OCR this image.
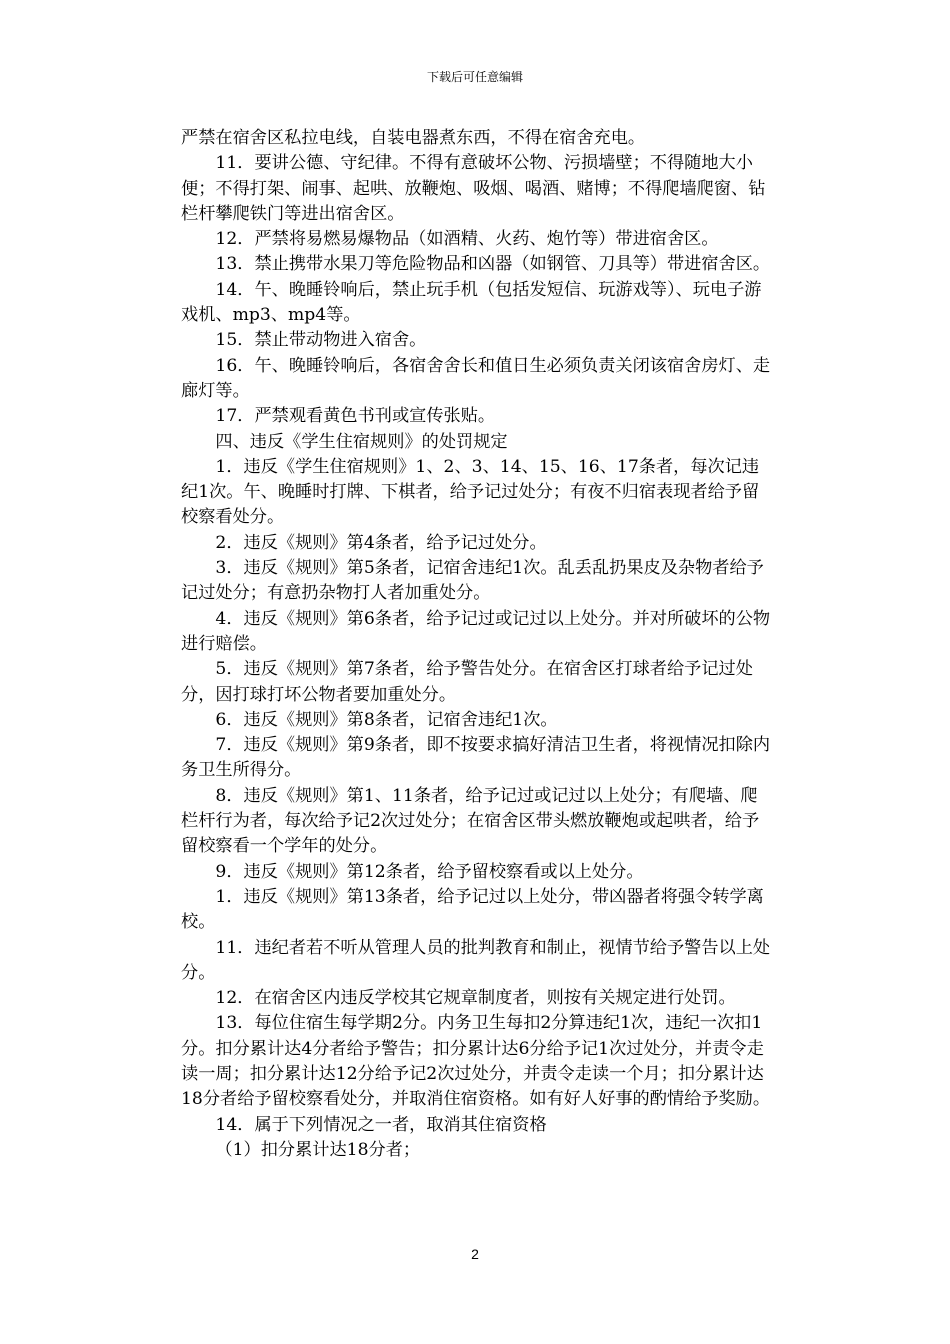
下载后可任意编辑

严禁在宿舍区私拉电线，自装电器煮东西，不得在宿舍充电。

11．要讲公德、守纪律。不得有意破坏公物、污损墙壁；不得随地大小便；不得打架、闹事、起哄、放鞭炮、吸烟、喝酒、赌博；不得爬墙爬窗、钻栏杆攀爬铁门等进出宿舍区。

12．严禁将易燃易爆物品（如酒精、火药、炮竹等）带进宿舍区。

13．禁止携带水果刀等危险物品和凶器（如钢管、刀具等）带进宿舍区。

14．午、晚睡铃响后，禁止玩手机（包括发短信、玩游戏等）、玩电子游戏机、mp3、mp4等。

15．禁止带动物进入宿舍。

16．午、晚睡铃响后，各宿舍舍长和值日生必须负责关闭该宿舍房灯、走廊灯等。

17．严禁观看黄色书刊或宣传张贴。

四、违反《学生住宿规则》的处罚规定

1．违反《学生住宿规则》1、2、3、14、15、16、17条者，每次记违纪1次。午、晚睡时打牌、下棋者，给予记过处分；有夜不归宿表现者给予留校察看处分。

2．违反《规则》第4条者，给予记过处分。

3．违反《规则》第5条者，记宿舍违纪1次。乱丢乱扔果皮及杂物者给予记过处分；有意扔杂物打人者加重处分。

4．违反《规则》第6条者，给予记过或记过以上处分。并对所破坏的公物进行赔偿。

5．违反《规则》第7条者，给予警告处分。在宿舍区打球者给予记过处分，因打球打坏公物者要加重处分。

6．违反《规则》第8条者，记宿舍违纪1次。

7．违反《规则》第9条者，即不按要求搞好清洁卫生者，将视情况扣除内务卫生所得分。

8．违反《规则》第1、11条者，给予记过或记过以上处分；有爬墙、爬栏杆行为者，每次给予记2次过处分；在宿舍区带头燃放鞭炮或起哄者，给予留校察看一个学年的处分。

9．违反《规则》第12条者，给予留校察看或以上处分。

1．违反《规则》第13条者，给予记过以上处分，带凶器者将强令转学离校。

11．违纪者若不听从管理人员的批判教育和制止，视情节给予警告以上处分。

12．在宿舍区内违反学校其它规章制度者，则按有关规定进行处罚。

13．每位住宿生每学期2分。内务卫生每扣2分算违纪1次，违纪一次扣1分。扣分累计达4分者给予警告；扣分累计达6分给予记1次过处分，并责令走读一周；扣分累计达12分给予记2次过处分，并责令走读一个月；扣分累计达18分者给予留校察看处分，并取消住宿资格。如有好人好事的酌情给予奖励。

14．属于下列情况之一者，取消其住宿资格

（1）扣分累计达18分者；

2
